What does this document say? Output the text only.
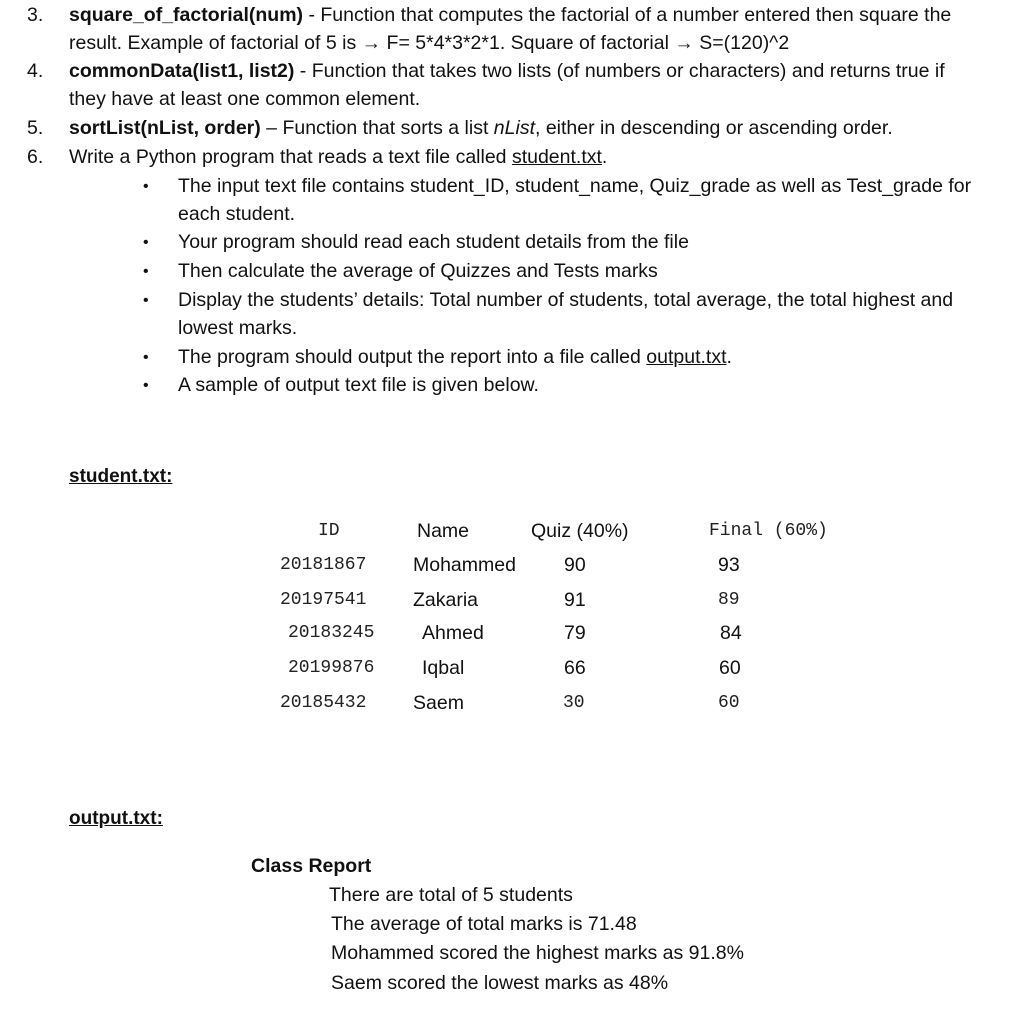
3. square_of_factorial(num) - Function that computes the factorial of a number entered then square the
result. Example of factorial of 5 is → F= 5*4*3*2*1. Square of factorial → S=(120)^2
4. commonData(list1, list2) - Function that takes two lists (of numbers or characters) and returns true if
they have at least one common element.
5. sortList(nList, order) – Function that sorts a list nList, either in descending or ascending order.
6. Write a Python program that reads a text file called student.txt.
• The input text file contains student_ID, student_name, Quiz_grade as well as Test_grade for
each student.
• Your program should read each student details from the file
• Then calculate the average of Quizzes and Tests marks
• Display the students’ details: Total number of students, total average, the total highest and
lowest marks.
• The program should output the report into a file called output.txt.
• A sample of output text file is given below.
student.txt:
ID	Name	Quiz (40%)	Final (60%)
20181867 Mohammed 90	93
20197541 Zakaria	91	89
20183245 Ahmed	79	84
20199876 Iqbal	66	60
20185432 Saem	30	60
output.txt:
Class Report
There are total of 5 students
The average of total marks is 71.48
Mohammed scored the highest marks as 91.8%
Saem scored the lowest marks as 48%
